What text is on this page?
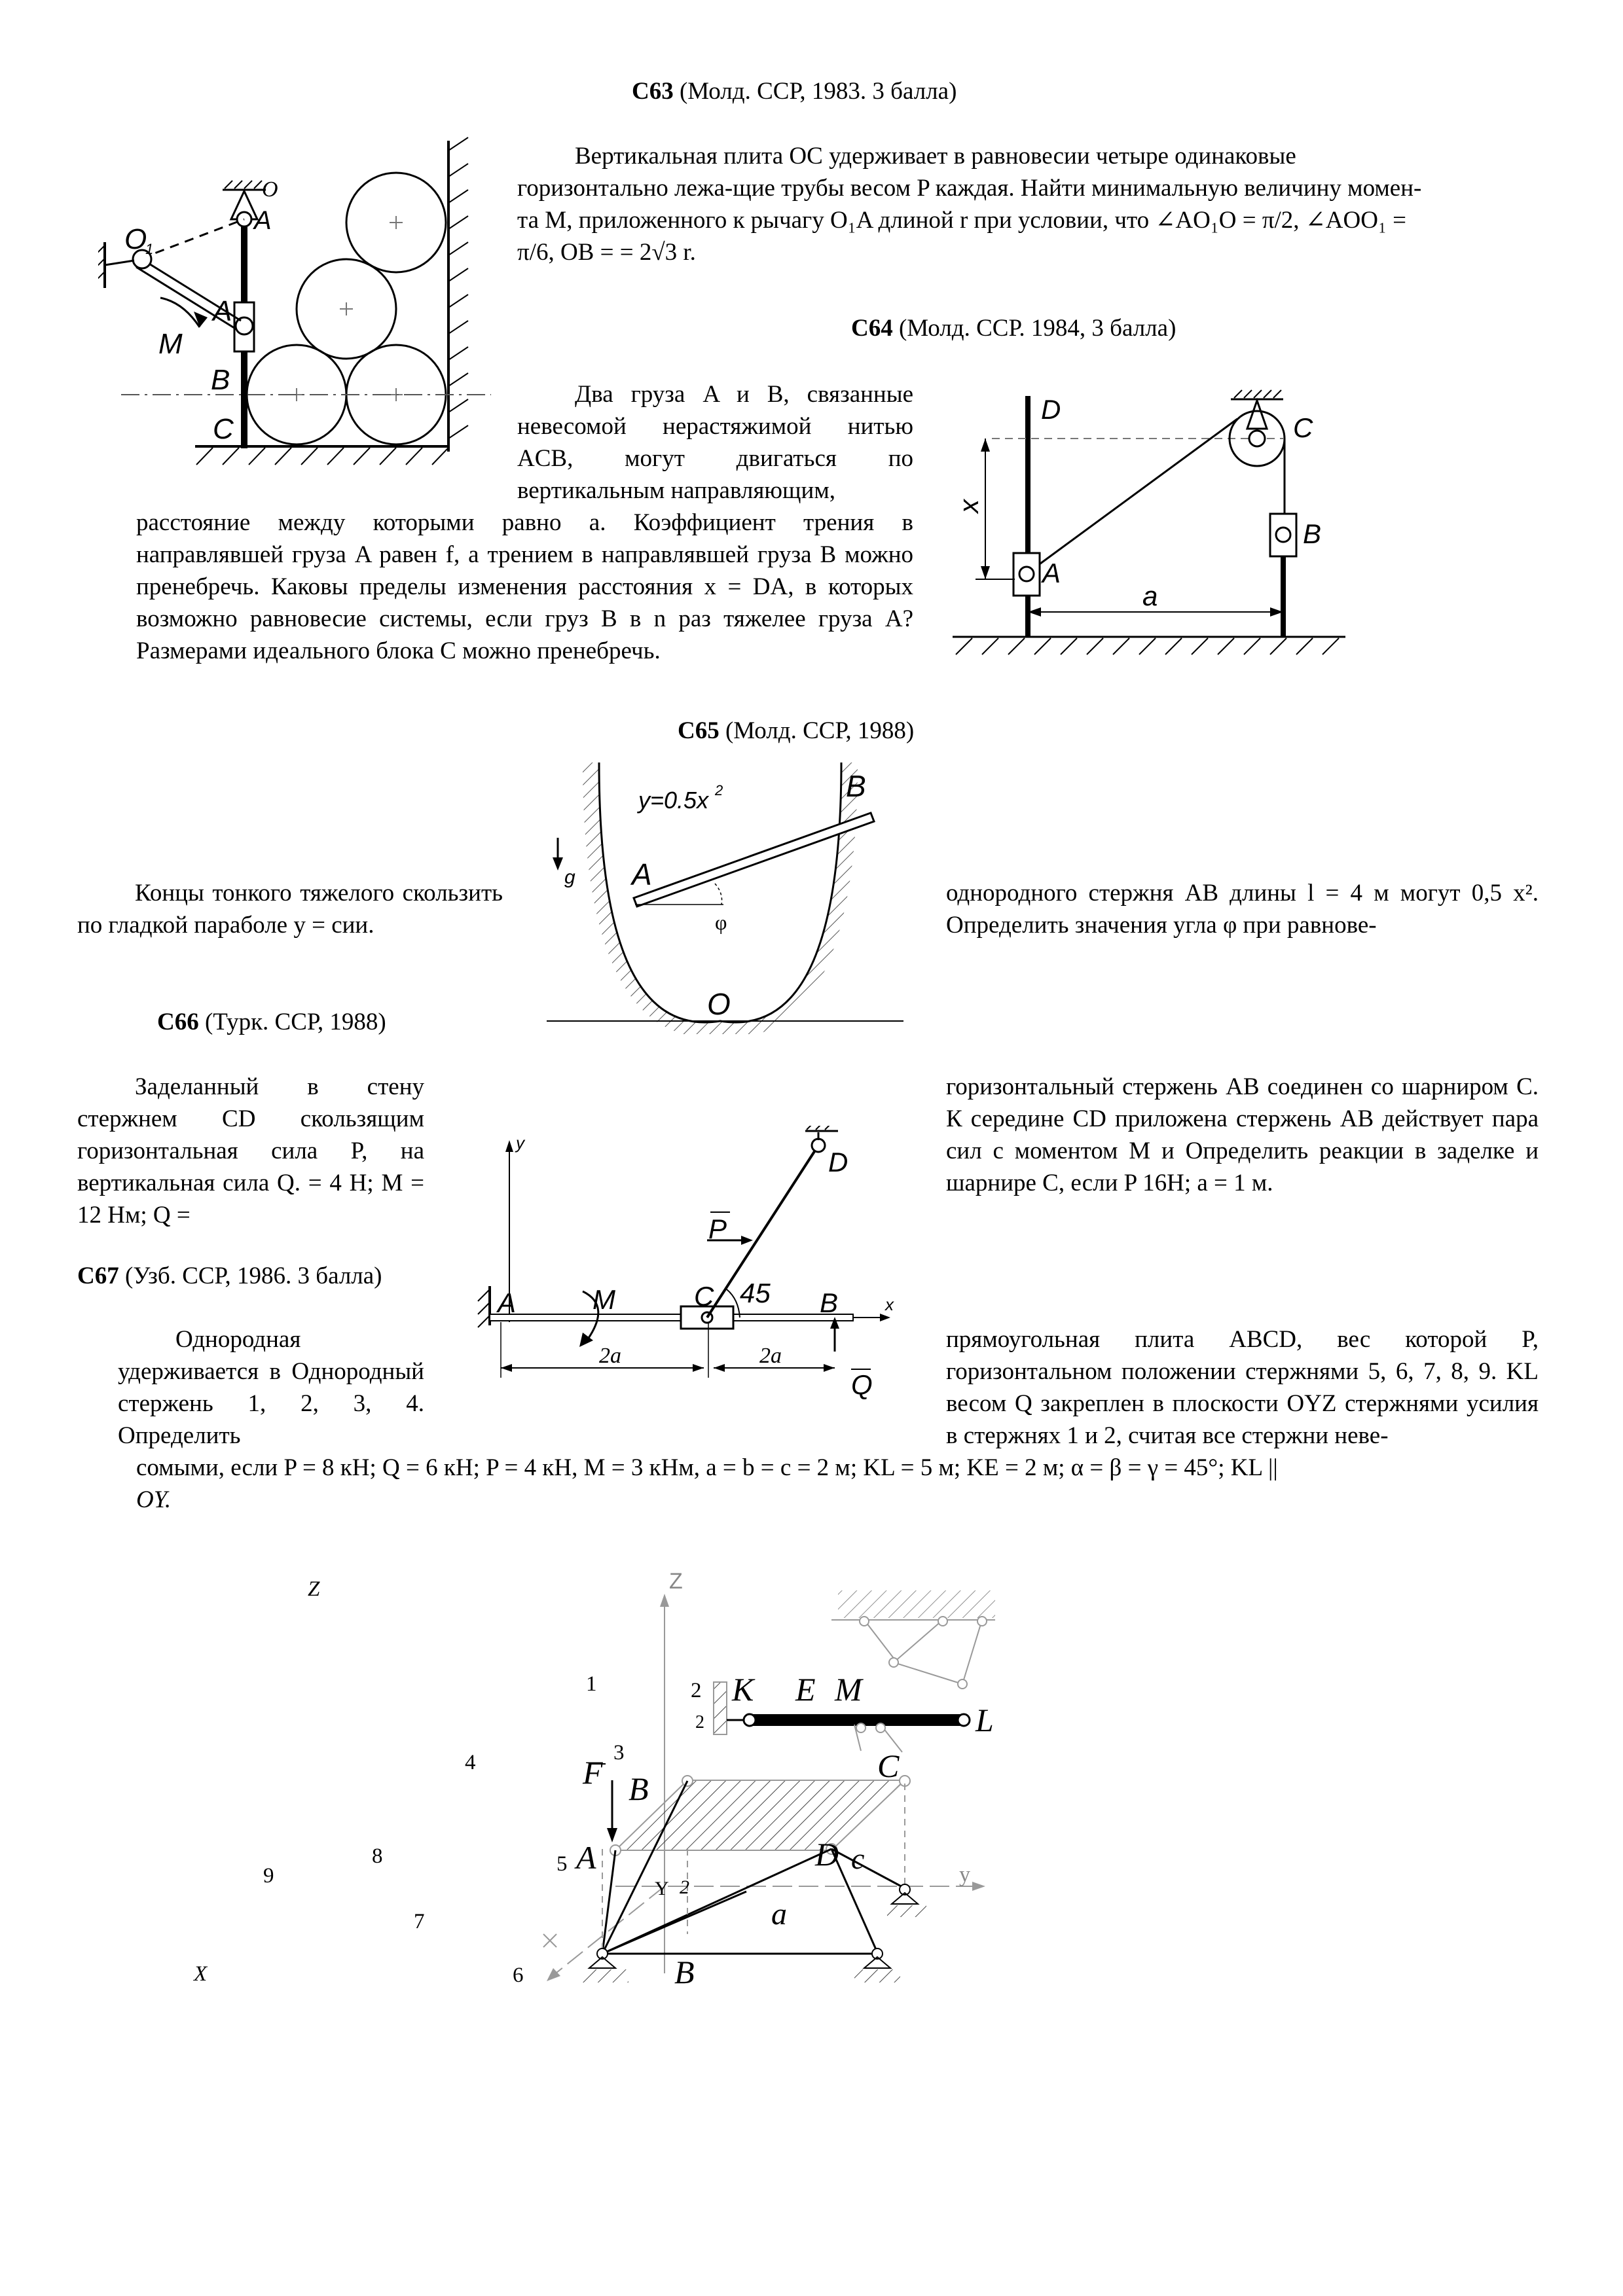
С63 (Молд. ССР, 1983. 3 балла)
Вертикальная плита OC удерживает в равновесии четыре одинаковые
горизонтально лежа-щие трубы весом P каждая. Найти минимальную величину момен-
та M, приложенного к рычагу O₁A длиной r при условии, что ∠AO₁O = π/2, ∠AOO₁ =
π/6, OB = = 2√3 r.
O
A
O
1
A
M
B
C
С64 (Молд. ССР. 1984, 3 балла)
Два груза A и B, связанные невесомой нерастяжимой нитью ACB, могут двигаться по вертикальным направляющим,
расстояние между которыми равно a. Коэффициент трения в направлявшей груза A равен f, а трением в направлявшей груза B можно пренебречь. Каковы пределы изменения расстояния x = DA, в которых возможно равновесие системы, если груз B в n раз тяжелее груза A? Размерами идеального блока C можно пренебречь.
D
C
B
A
x
a
С65 (Молд. ССР, 1988)
Концы тонкого тяжелого скользить по гладкой параболе y = сии.
однородного стержня AB длины l = 4 м могут 0,5 x². Определить значения угла φ при равнове-
y=0.5x 2	B
A
g
φ
O
С66 (Турк. ССР, 1988)
Заделанный в стену стержнем CD скользящим горизонтальная сила P, на вертикальная сила Q. = 4 Н; M = 12 Нм; Q =
горизонтальный стержень AB соединен со шарниром C. К середине CD приложена стержень AB действует пара сил с моментом M и Определить реакции в заделке и шарнире C, если P 16Н; a = 1 м.
y
x
A	M	C 45 B
D
P
Q
2a	2a
С67 (Узб. ССР, 1986. 3 балла)
Однородная удерживается в Однородный стержень 1, 2, 3, 4. Определить
прямоугольная плита ABCD, вес которой P, горизонтальном положении стержнями 5, 6, 7, 8, 9. KL весом Q закреплен в плоскости OYZ стержнями усилия в стержнях 1 и 2, считая все стержни неве-
сомыми, если P = 8 кН; Q = 6 кН; P = 4 кН, M = 3 кНм, a = b = c = 2 м; KL = 5 м; KE = 2 м; α = β = γ = 45°; KL ||
OY.
Z
1
4
8
9
7
X
5
6
3
2
Z
K E M
L
2
F B
C
A	D c
Y 2
a
B
y
